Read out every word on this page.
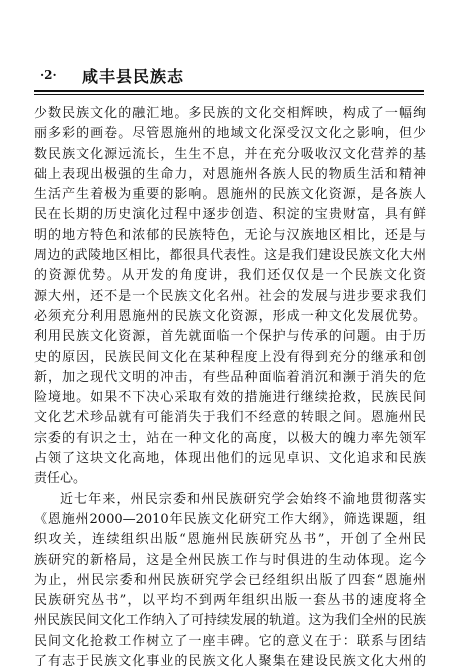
·2· 咸丰县民族志
少数民族文化的融汇地。多民族的文化交相辉映，构成了一幅绚
丽多彩的画卷。尽管恩施州的地域文化深受汉文化之影响，但少
数民族文化源远流长，生生不息，并在充分吸收汉文化营养的基
础上表现出极强的生命力，对恩施州各族人民的物质生活和精神
生活产生着极为重要的影响。恩施州的民族文化资源，是各族人
民在长期的历史演化过程中逐步创造、积淀的宝贵财富，具有鲜
明的地方特色和浓郁的民族特色，无论与汉族地区相比，还是与
周边的武陵地区相比，都很具代表性。这是我们建设民族文化大州
的资源优势。从开发的角度讲，我们还仅仅是一个民族文化资
源大州，还不是一个民族文化名州。社会的发展与进步要求我们
必须充分利用恩施州的民族文化资源，形成一种文化发展优势。
利用民族文化资源，首先就面临一个保护与传承的问题。由于历
史的原因，民族民间文化在某种程度上没有得到充分的继承和创
新，加之现代文明的冲击，有些品种面临着消沉和濒于消失的危
险境地。如果不下决心采取有效的措施进行继续抢救，民族民间
文化艺术珍品就有可能消失于我们不经意的转眼之间。恩施州民
宗委的有识之士，站在一种文化的高度，以极大的魄力率先领军
占领了这块文化高地，体现出他们的远见卓识、文化追求和民族
责任心。
近七年来，州民宗委和州民族研究学会始终不渝地贯彻落实
《恩施州2000—2010年民族文化研究工作大纲》，筛选课题，组
织攻关，连续组织出版“恩施州民族研究丛书”，开创了全州民
族研究的新格局，这是全州民族工作与时俱进的生动体现。迄今
为止，州民宗委和州民族研究学会已经组织出版了四套“恩施州
民族研究丛书”，以平均不到两年组织出版一套丛书的速度将全
州民族民间文化工作纳入了可持续发展的轨道。这为我们全州的民族
民间文化抢救工作树立了一座丰碑。它的意义在于：联系与团结
了有志于民族文化事业的民族文化人聚集在建设民族文化大州的
